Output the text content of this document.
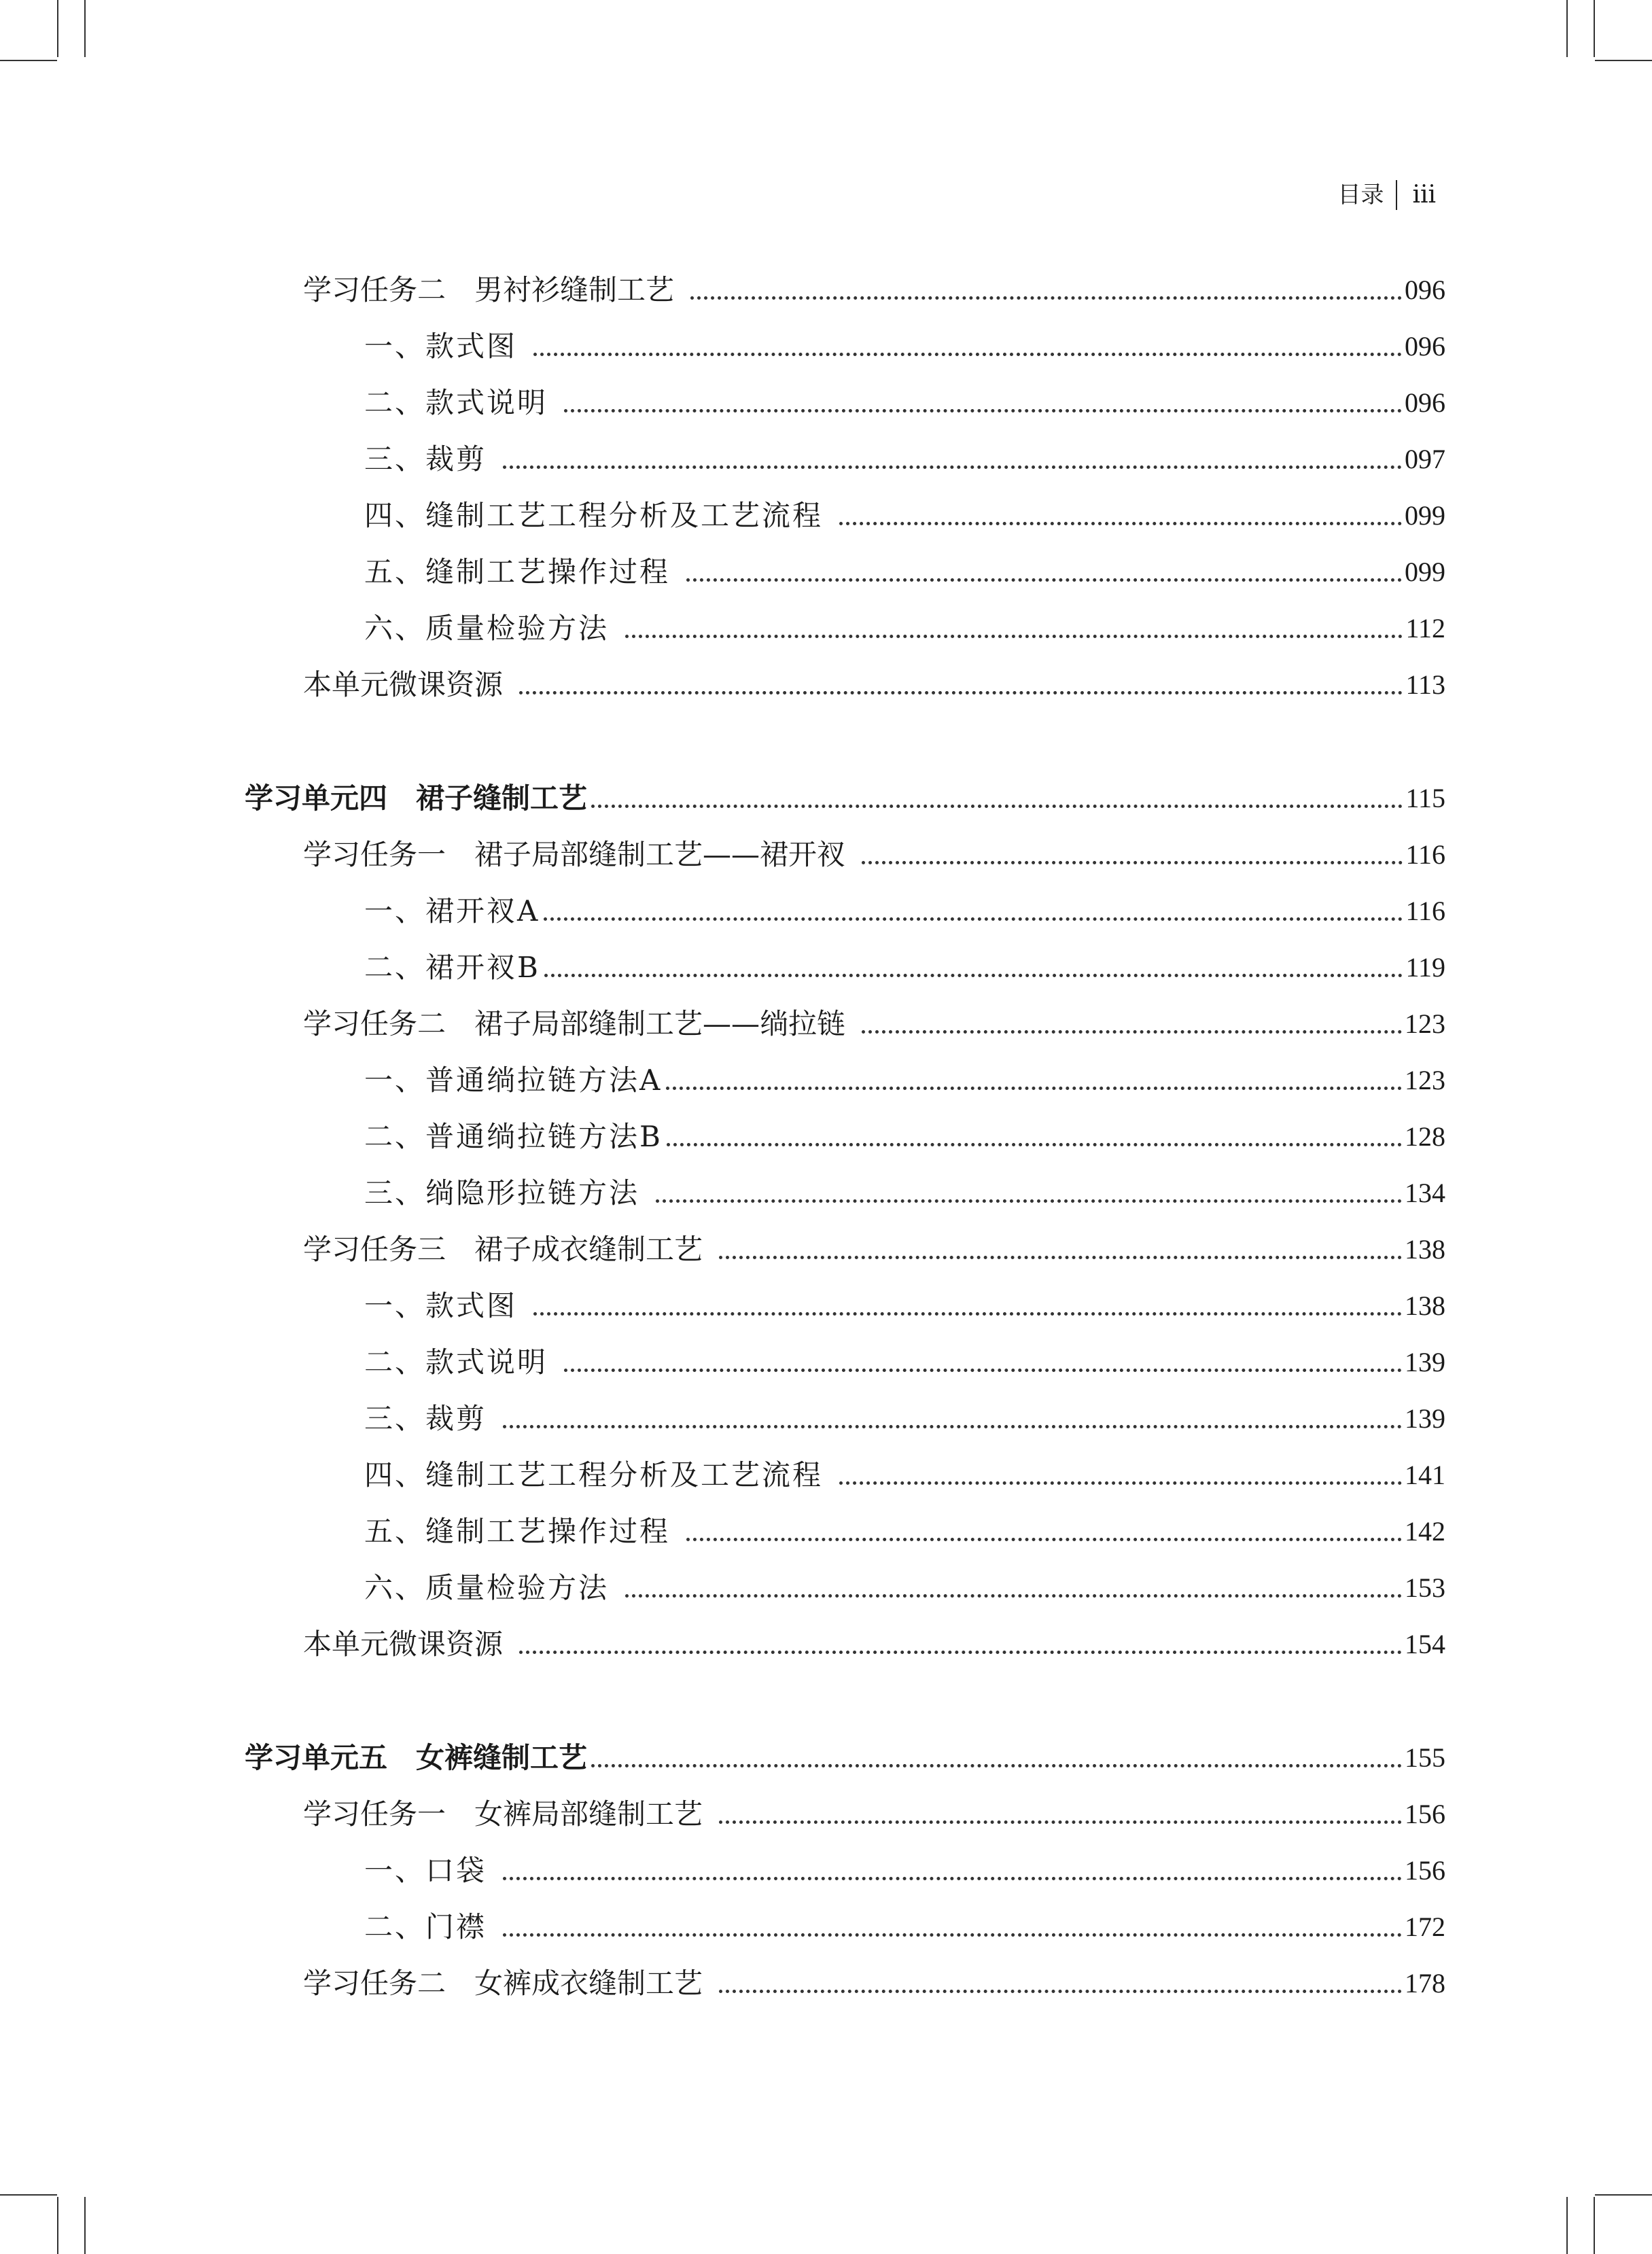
目录 iii
学习任务二　男衬衫缝制工艺	096
一、款式图	096
二、款式说明	096
三、裁剪	097
四、缝制工艺工程分析及工艺流程	099
五、缝制工艺操作过程	099
六、质量检验方法	112
本单元微课资源	113
学习单元四　裙子缝制工艺	115
学习任务一　裙子局部缝制工艺——裙开衩	116
一、裙开衩A	116
二、裙开衩B	119
学习任务二　裙子局部缝制工艺——绱拉链	123
一、普通绱拉链方法A	123
二、普通绱拉链方法B	128
三、绱隐形拉链方法	134
学习任务三　裙子成衣缝制工艺	138
一、款式图	138
二、款式说明	139
三、裁剪	139
四、缝制工艺工程分析及工艺流程	141
五、缝制工艺操作过程	142
六、质量检验方法	153
本单元微课资源	154
学习单元五　女裤缝制工艺	155
学习任务一　女裤局部缝制工艺	156
一、口袋	156
二、门襟	172
学习任务二　女裤成衣缝制工艺	178
